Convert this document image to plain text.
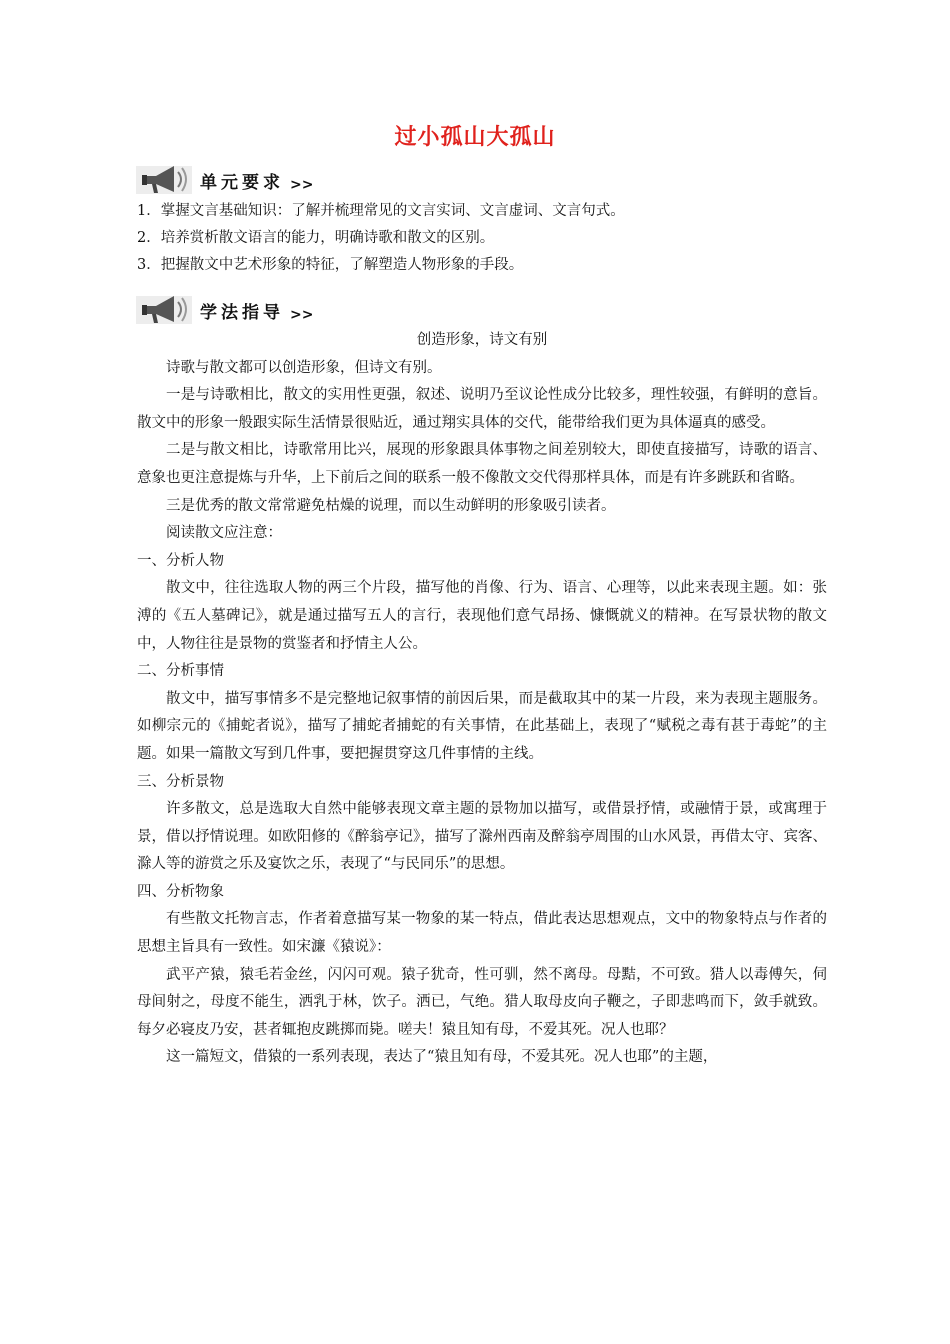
过小孤山大孤山
单元要求 >>
1．掌握文言基础知识：了解并梳理常见的文言实词、文言虚词、文言句式。
2．培养赏析散文语言的能力，明确诗歌和散文的区别。
3．把握散文中艺术形象的特征，了解塑造人物形象的手段。
学法指导 >>

创造形象，诗文有别

诗歌与散文都可以创造形象，但诗文有别。

一是与诗歌相比，散文的实用性更强，叙述、说明乃至议论性成分比较多，理性较强，有鲜明的意旨。散文中的形象一般跟实际生活情景很贴近，通过翔实具体的交代，能带给我们更为具体逼真的感受。

二是与散文相比，诗歌常用比兴，展现的形象跟具体事物之间差别较大，即使直接描写，诗歌的语言、意象也更注意提炼与升华，上下前后之间的联系一般不像散文交代得那样具体，而是有许多跳跃和省略。

三是优秀的散文常常避免枯燥的说理，而以生动鲜明的形象吸引读者。

阅读散文应注意：

一、分析人物

散文中，往往选取人物的两三个片段，描写他的肖像、行为、语言、心理等，以此来表现主题。如：张溥的《五人墓碑记》，就是通过描写五人的言行，表现他们意气昂扬、慷慨就义的精神。在写景状物的散文中，人物往往是景物的赏鉴者和抒情主人公。

二、分析事情

散文中，描写事情多不是完整地记叙事情的前因后果，而是截取其中的某一片段，来为表现主题服务。如柳宗元的《捕蛇者说》，描写了捕蛇者捕蛇的有关事情，在此基础上，表现了“赋税之毒有甚于毒蛇”的主题。如果一篇散文写到几件事，要把握贯穿这几件事情的主线。

三、分析景物

许多散文，总是选取大自然中能够表现文章主题的景物加以描写，或借景抒情，或融情于景，或寓理于景，借以抒情说理。如欧阳修的《醉翁亭记》，描写了滁州西南及醉翁亭周围的山水风景，再借太守、宾客、滁人等的游赏之乐及宴饮之乐，表现了“与民同乐”的思想。

四、分析物象

有些散文托物言志，作者着意描写某一物象的某一特点，借此表达思想观点，文中的物象特点与作者的思想主旨具有一致性。如宋濂《猿说》：

武平产猿，猿毛若金丝，闪闪可观。猿子犹奇，性可驯，然不离母。母黠，不可致。猎人以毒傅矢，伺母间射之，母度不能生，洒乳于林，饮子。洒已，气绝。猎人取母皮向子鞭之，子即悲鸣而下，敛手就致。每夕必寝皮乃安，甚者辄抱皮跳掷而毙。嗟夫！猿且知有母，不爱其死。况人也耶？

这一篇短文，借猿的一系列表现，表达了“猿且知有母，不爱其死。况人也耶”的主题，
